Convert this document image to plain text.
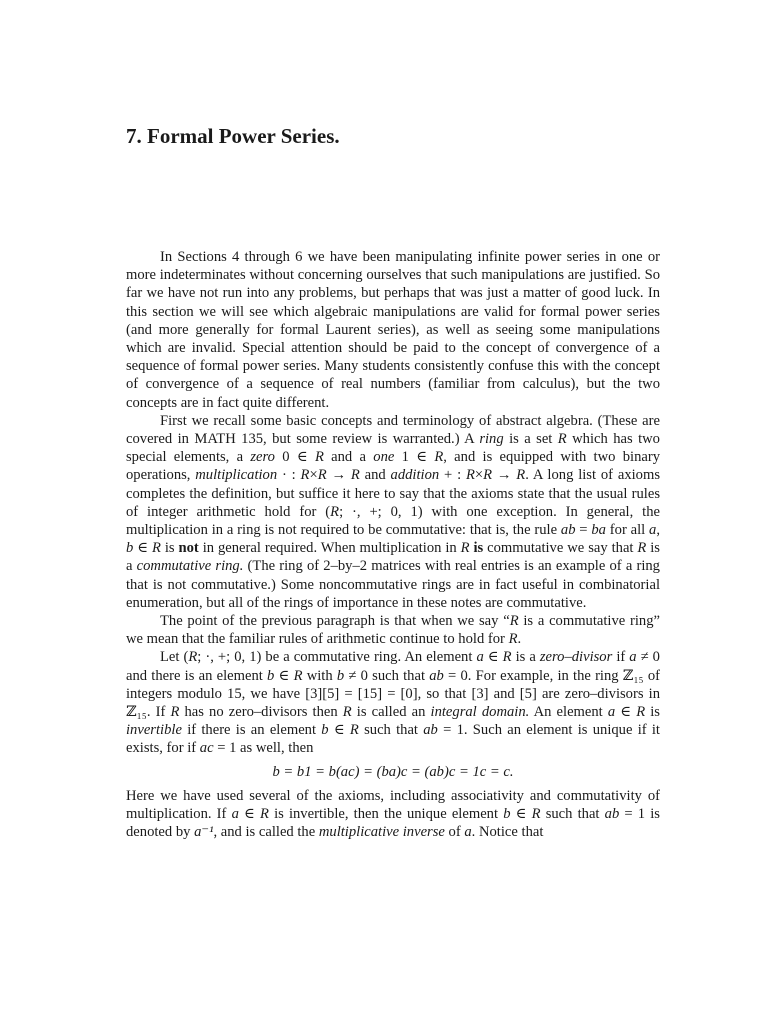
7. Formal Power Series.

In Sections 4 through 6 we have been manipulating infinite power series in one or more indeterminates without concerning ourselves that such manipulations are justified. So far we have not run into any problems, but perhaps that was just a matter of good luck. In this section we will see which algebraic manipulations are valid for formal power series (and more generally for formal Laurent series), as well as seeing some manipulations which are invalid. Special attention should be paid to the concept of convergence of a sequence of formal power series. Many students consistently confuse this with the concept of convergence of a sequence of real numbers (familiar from calculus), but the two concepts are in fact quite different.

First we recall some basic concepts and terminology of abstract algebra. (These are covered in MATH 135, but some review is warranted.) A ring is a set R which has two special elements, a zero 0 ∈ R and a one 1 ∈ R, and is equipped with two binary operations, multiplication · : R×R → R and addition + : R×R → R. A long list of axioms completes the definition, but suffice it here to say that the axioms state that the usual rules of integer arithmetic hold for (R; ·, +; 0, 1) with one exception. In general, the multiplication in a ring is not required to be commutative: that is, the rule ab = ba for all a, b ∈ R is not in general required. When multiplication in R is commutative we say that R is a commutative ring. (The ring of 2–by–2 matrices with real entries is an example of a ring that is not commutative.) Some noncommutative rings are in fact useful in combinatorial enumeration, but all of the rings of importance in these notes are commutative.

The point of the previous paragraph is that when we say “R is a commutative ring” we mean that the familiar rules of arithmetic continue to hold for R.

Let (R; ·, +; 0, 1) be a commutative ring. An element a ∈ R is a zero–divisor if a ≠ 0 and there is an element b ∈ R with b ≠ 0 such that ab = 0. For example, in the ring ℤ₁₅ of integers modulo 15, we have [3][5] = [15] = [0], so that [3] and [5] are zero–divisors in ℤ₁₅. If R has no zero–divisors then R is called an integral domain. An element a ∈ R is invertible if there is an element b ∈ R such that ab = 1. Such an element is unique if it exists, for if ac = 1 as well, then

b = b1 = b(ac) = (ba)c = (ab)c = 1c = c.

Here we have used several of the axioms, including associativity and commutativity of multiplication. If a ∈ R is invertible, then the unique element b ∈ R such that ab = 1 is denoted by a⁻¹, and is called the multiplicative inverse of a. Notice that
